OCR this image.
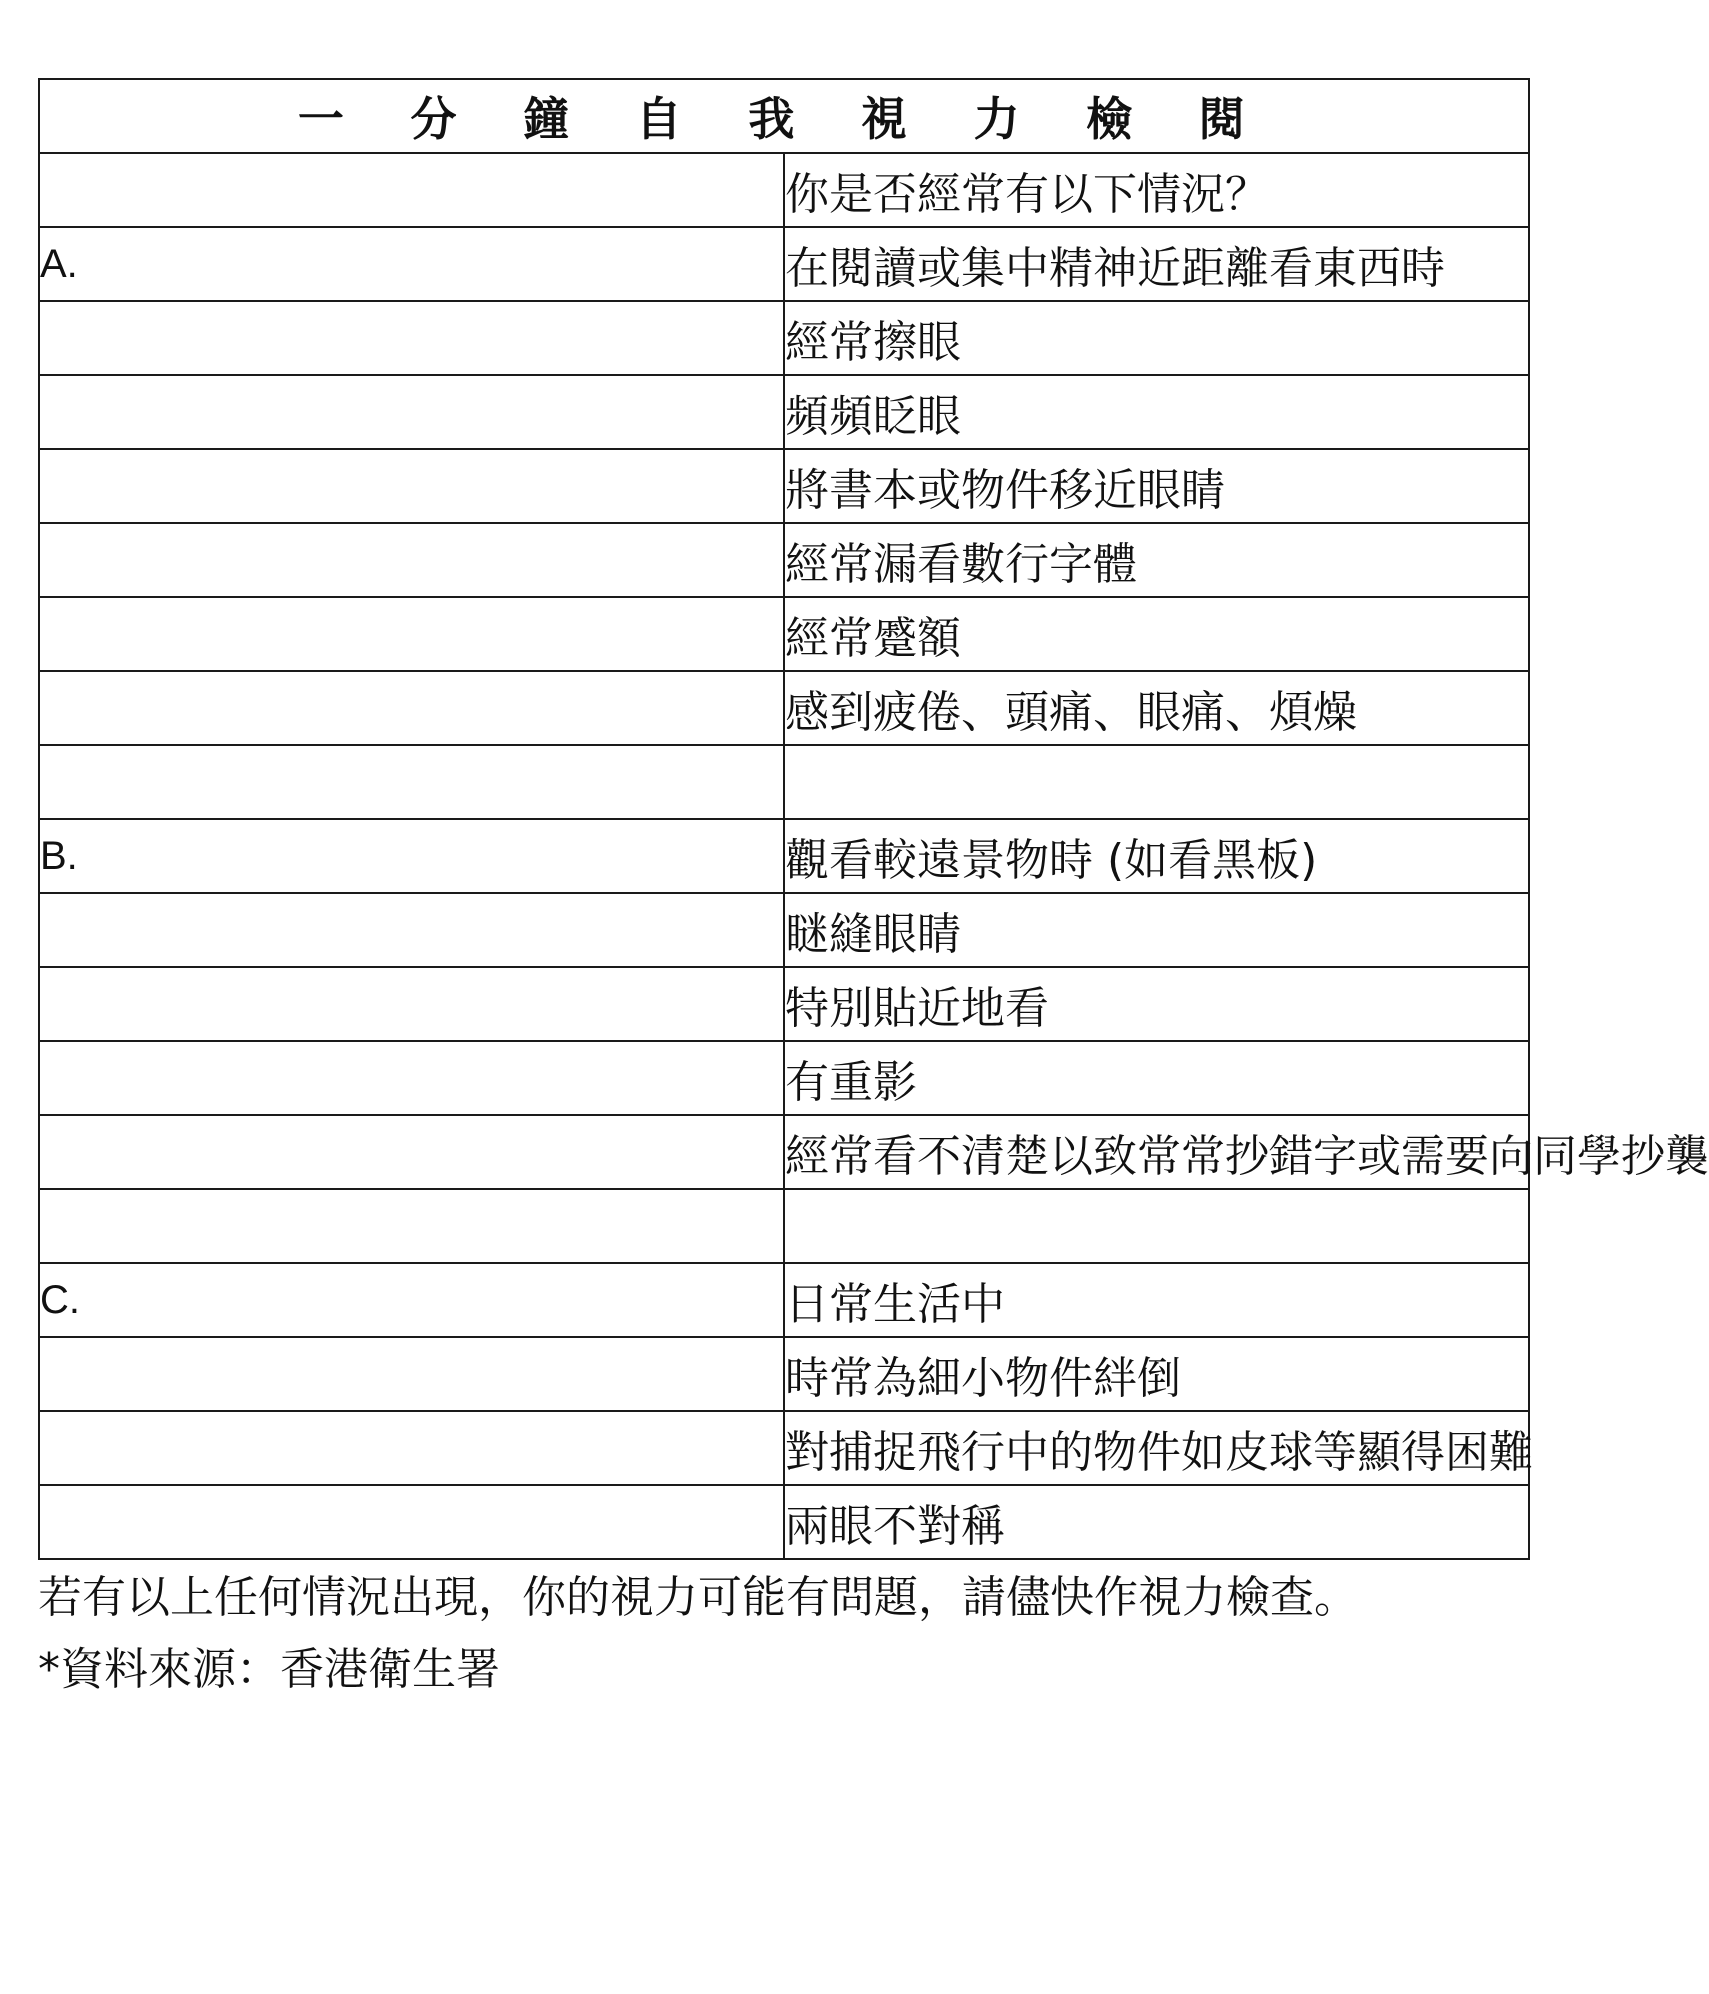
一 分 鐘 自 我 視 力 檢 閱	
	你是否經常有以下情況？
A.	在閱讀或集中精神近距離看東西時
	經常擦眼
	頻頻眨眼
	將書本或物件移近眼睛
	經常漏看數行字體
	經常蹙額
	感到疲倦、頭痛、眼痛、煩燥

B.	觀看較遠景物時 (如看黑板)
	瞇縫眼睛
	特別貼近地看
	有重影
	經常看不清楚以致常常抄錯字或需要向同學抄襲

C.	日常生活中
	時常為細小物件絆倒
	對捕捉飛行中的物件如皮球等顯得困難
	兩眼不對稱
若有以上任何情況出現，你的視力可能有問題，請儘快作視力檢查。
*資料來源：香港衛生署
